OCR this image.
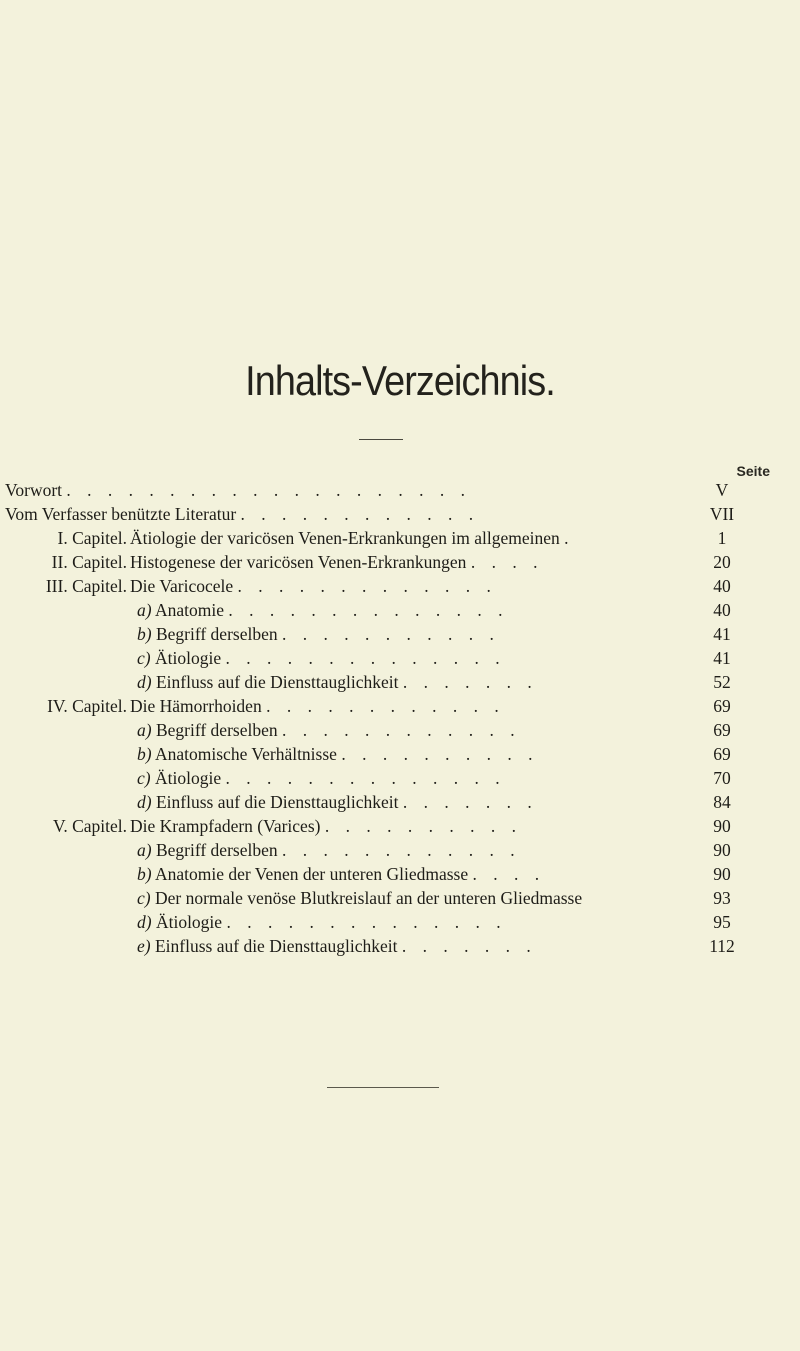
Inhalts-Verzeichnis.
Seite
Vorwort . . . . . . . . . . . . . . . . . . . .	V
Vom Verfasser benützte Literatur . . . . . . . . . . . .	VII
I. Capitel. Ätiologie der varicösen Venen-Erkrankungen im allgemeinen .	1
II. Capitel. Histogenese der varicösen Venen-Erkrankungen . . . .	20
III. Capitel. Die Varicocele . . . . . . . . . . . . .	40
a) Anatomie . . . . . . . . . . . . . .	40
b) Begriff derselben . . . . . . . . . . .	41
c) Ätiologie . . . . . . . . . . . . . .	41
d) Einfluss auf die Diensttauglichkeit . . . . . . .	52
IV. Capitel. Die Hämorrhoiden . . . . . . . . . . . .	69
a) Begriff derselben . . . . . . . . . . . .	69
b) Anatomische Verhältnisse . . . . . . . . . .	69
c) Ätiologie . . . . . . . . . . . . . .	70
d) Einfluss auf die Diensttauglichkeit . . . . . . .	84
V. Capitel. Die Krampfadern (Varices) . . . . . . . . . .	90
a) Begriff derselben . . . . . . . . . . . .	90
b) Anatomie der Venen der unteren Gliedmasse . . . .	90
c) Der normale venöse Blutkreislauf an der unteren Gliedmasse	93
d) Ätiologie . . . . . . . . . . . . . .	95
e) Einfluss auf die Diensttauglichkeit . . . . . . .	112
